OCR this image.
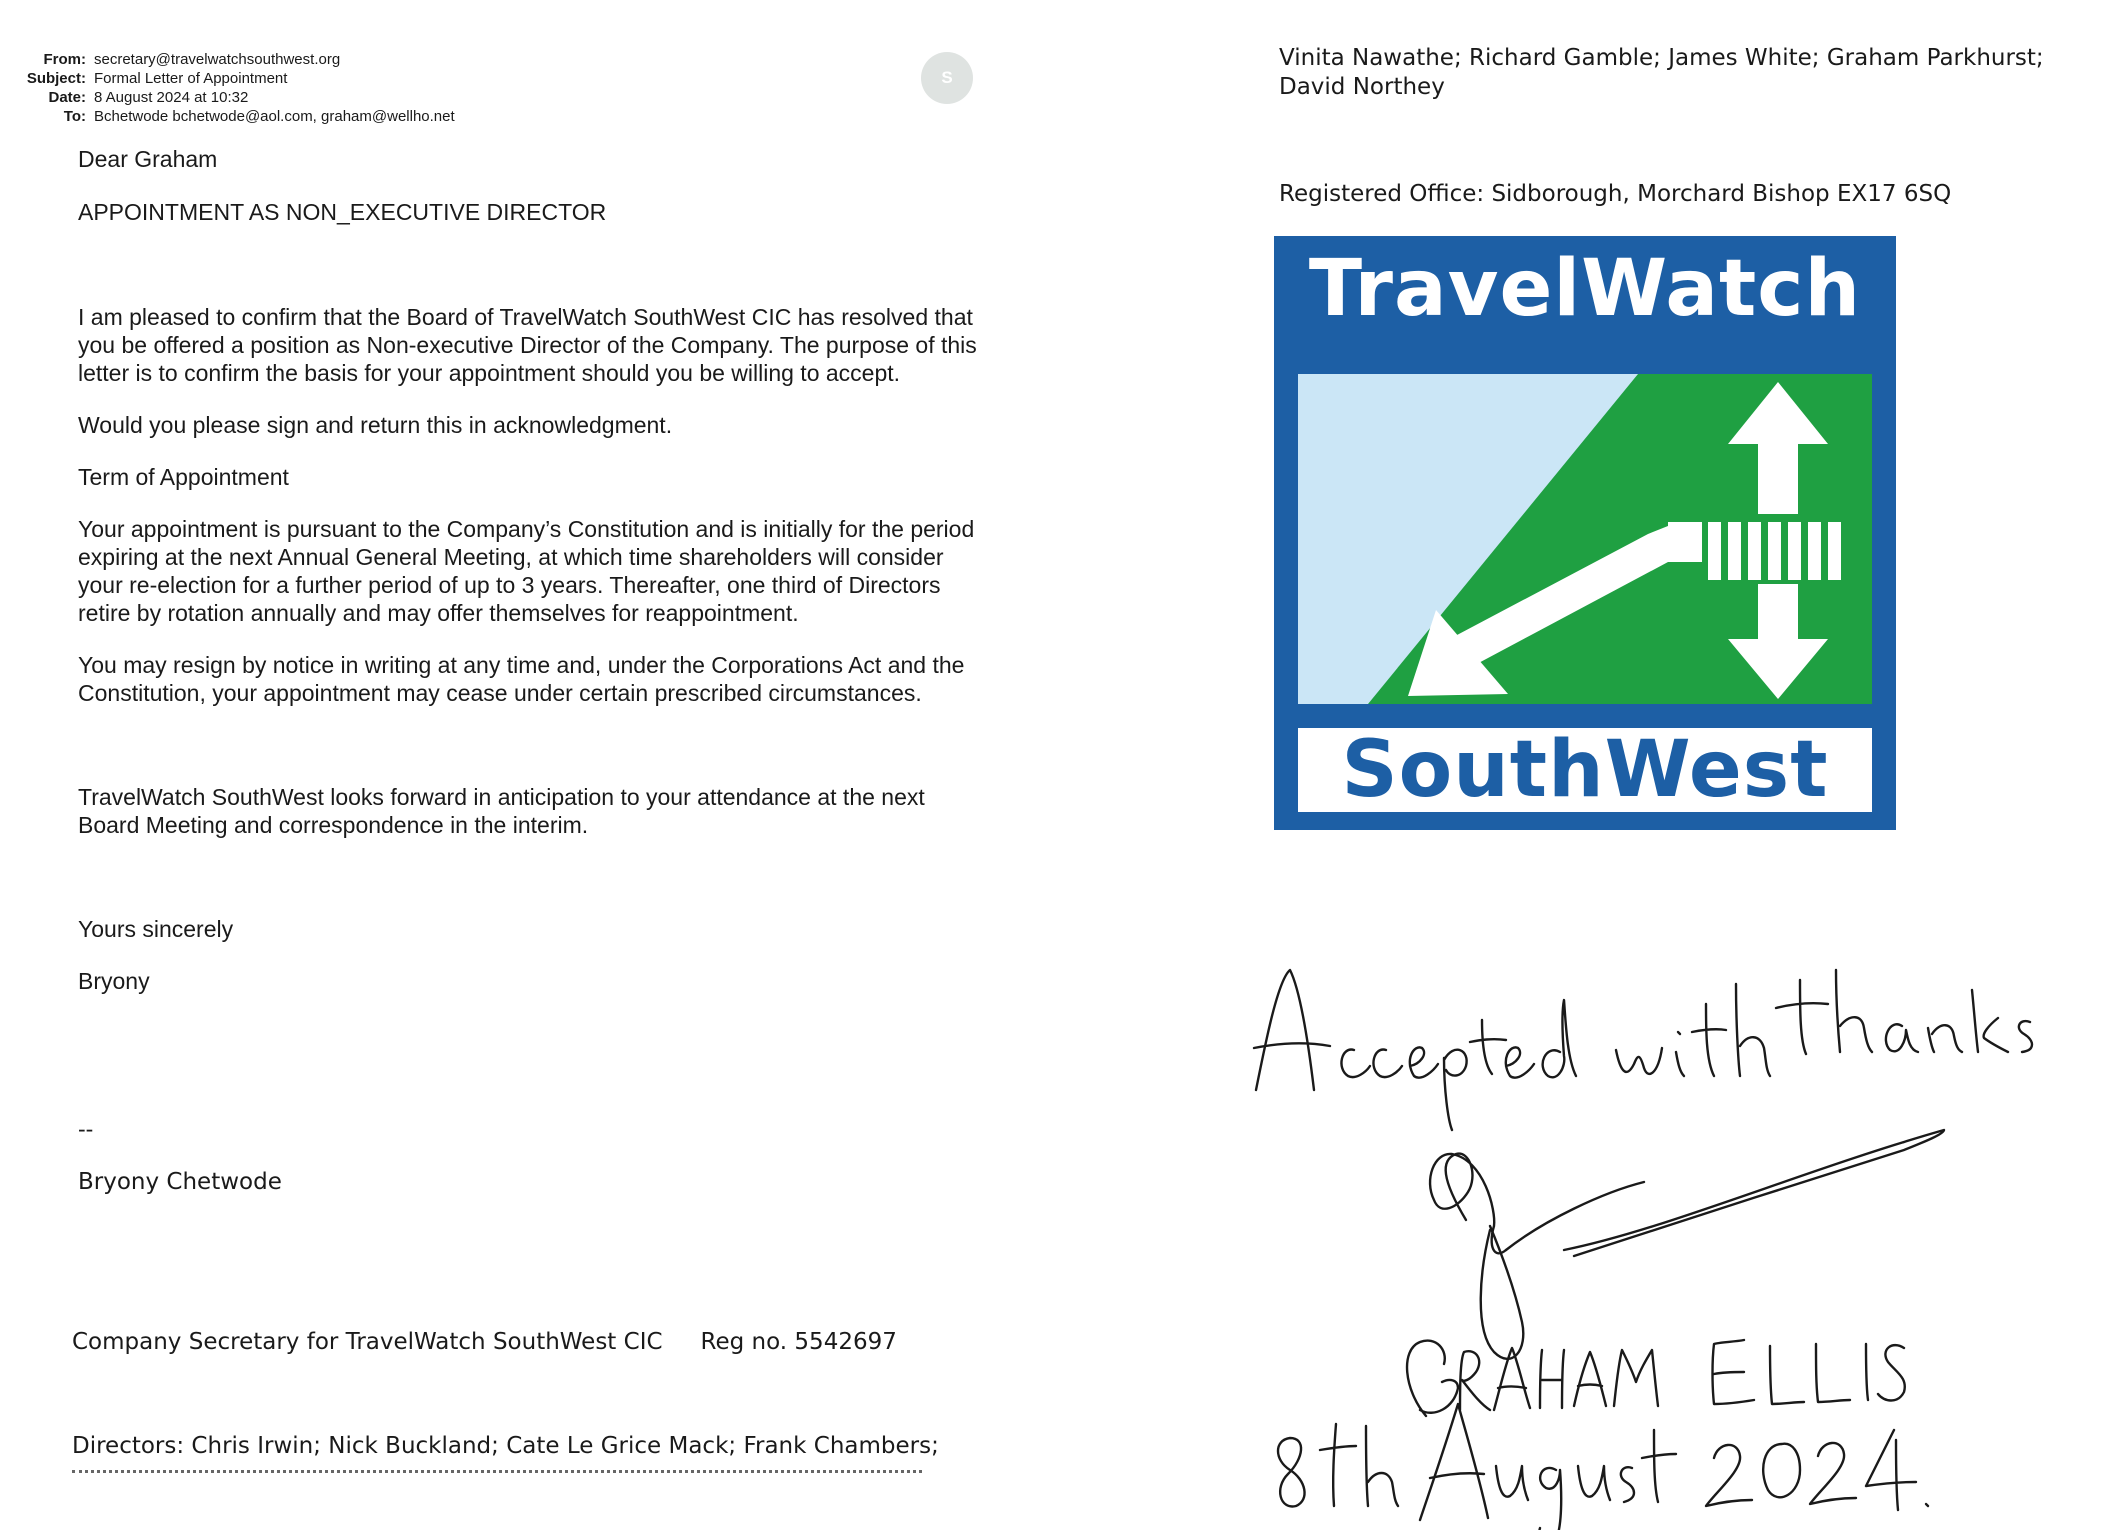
From: secretary@travelwatchsouthwest.org
Subject: Formal Letter of Appointment
Date: 8 August 2024 at 10:32
To: Bchetwode bchetwode@aol.com, graham@wellho.net
S

Dear Graham

APPOINTMENT AS NON_EXECUTIVE DIRECTOR

I am pleased to confirm that the Board of TravelWatch SouthWest CIC has resolved that you be offered a position as Non-executive Director of the Company. The purpose of this letter is to confirm the basis for your appointment should you be willing to accept.

Would you please sign and return this in acknowledgment.

Term of Appointment

Your appointment is pursuant to the Company’s Constitution and is initially for the period expiring at the next Annual General Meeting, at which time shareholders will consider your re-election for a further period of up to 3 years. Thereafter, one third of Directors retire by rotation annually and may offer themselves for reappointment.

You may resign by notice in writing at any time and, under the Corporations Act and the Constitution, your appointment may cease under certain prescribed circumstances.

TravelWatch SouthWest looks forward in anticipation to your attendance at the next Board Meeting and correspondence in the interim.

Yours sincerely

Bryony

--

Bryony Chetwode

Company Secretary for TravelWatch SouthWest CIC Reg no. 5542697
Directors: Chris Irwin; Nick Buckland; Cate Le Grice Mack; Frank Chambers;
Vinita Nawathe; Richard Gamble; James White; Graham Parkhurst; David Northey
Registered Office: Sidborough, Morchard Bishop EX17 6SQ
TravelWatch
SouthWest
Accepted with thanks
